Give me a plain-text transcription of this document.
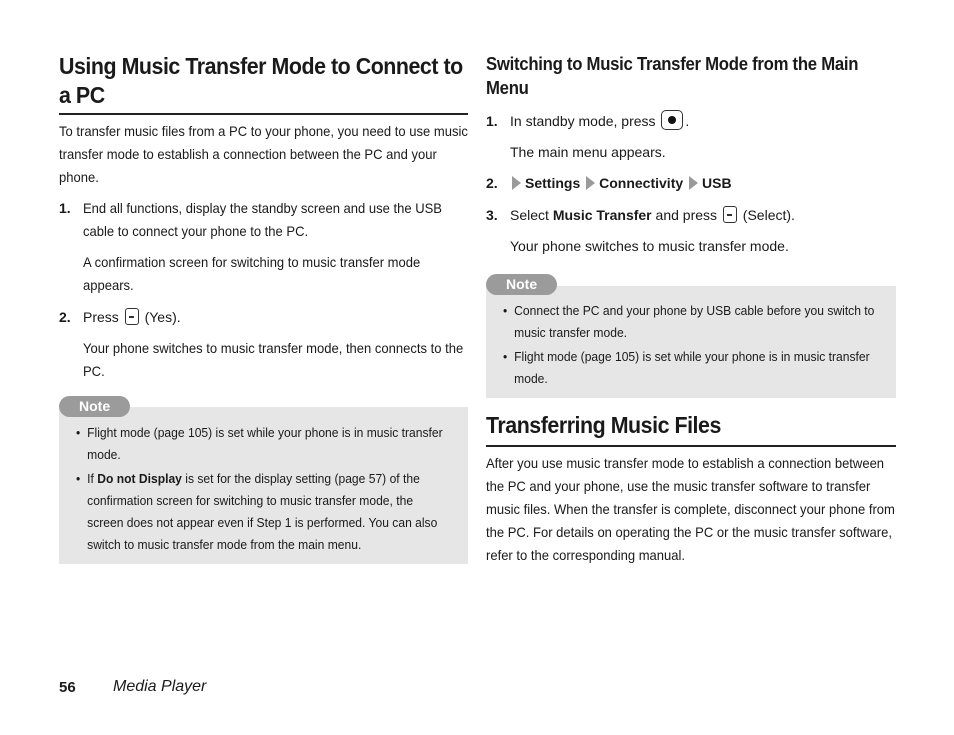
Using Music Transfer Mode to Connect to a PC

To transfer music files from a PC to your phone, you need to use music transfer mode to establish a connection between the PC and your phone.

1. End all functions, display the standby screen and use the USB cable to connect your phone to the PC.
A confirmation screen for switching to music transfer mode appears.
2. Press (Yes).
Your phone switches to music transfer mode, then connects to the PC.
Note
• Flight mode (page 105) is set while your phone is in music transfer mode.
• If Do not Display is set for the display setting (page 57) of the confirmation screen for switching to music transfer mode, the screen does not appear even if Step 1 is performed. You can also switch to music transfer mode from the main menu.
Switching to Music Transfer Mode from the Main Menu
1. In standby mode, press .
The main menu appears.
2.	Settings Connectivity USB
3. Select Music Transfer and press (Select).
Your phone switches to music transfer mode.
Note
• Connect the PC and your phone by USB cable before you switch to music transfer mode.
• Flight mode (page 105) is set while your phone is in music transfer mode.
Transferring Music Files

After you use music transfer mode to establish a connection between the PC and your phone, use the music transfer software to transfer music files. When the transfer is complete, disconnect your phone from the PC. For details on operating the PC or the music transfer software, refer to the corresponding manual.

56 Media Player
